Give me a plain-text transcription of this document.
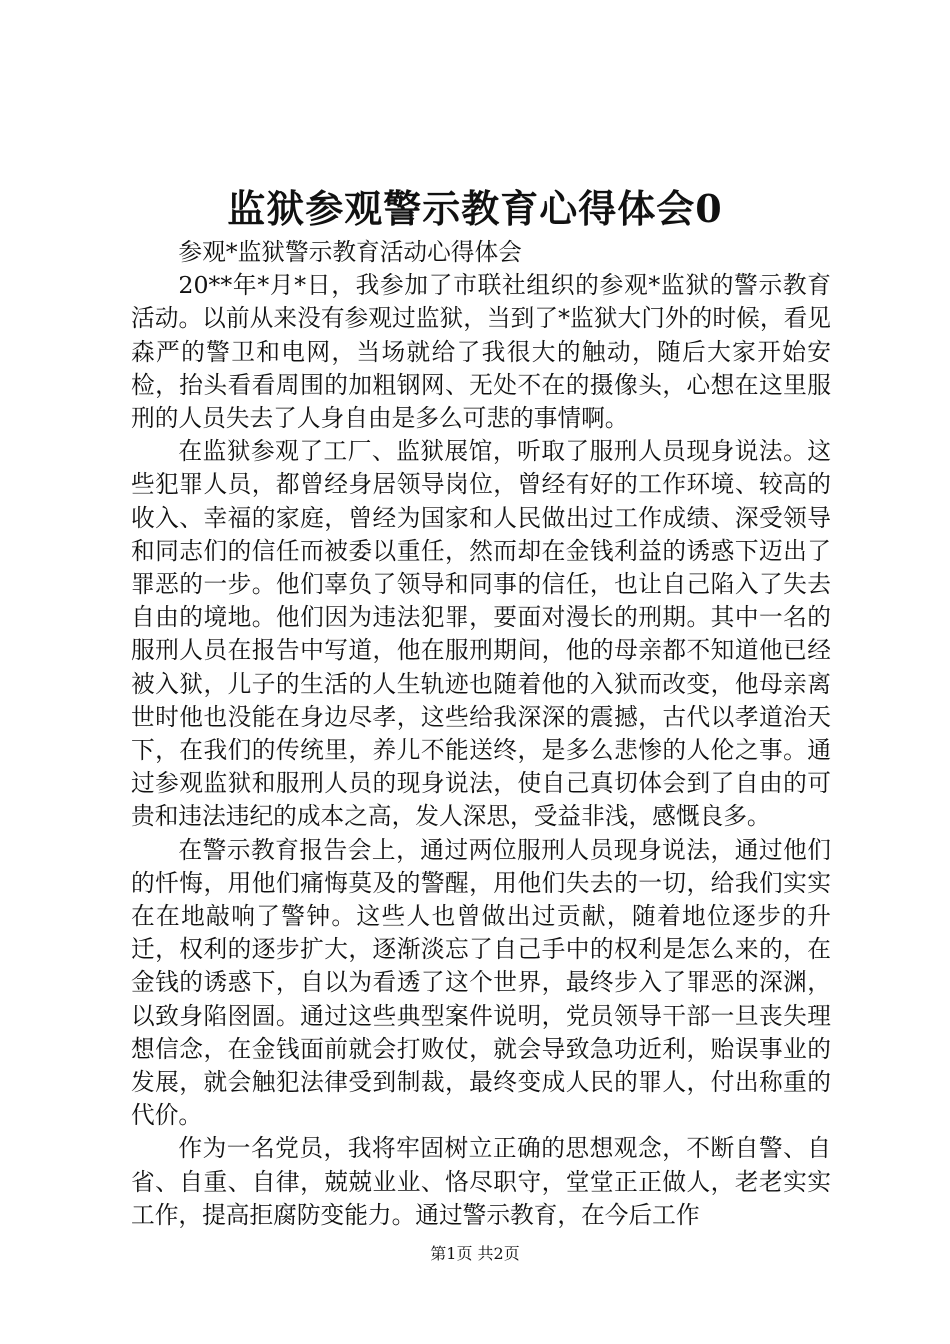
监狱参观警示教育心得体会0

参观*监狱警示教育活动心得体会

20**年*月*日，我参加了市联社组织的参观*监狱的警示教育活动。以前从来没有参观过监狱，当到了*监狱大门外的时候，看见森严的警卫和电网，当场就给了我很大的触动，随后大家开始安检，抬头看看周围的加粗钢网、无处不在的摄像头，心想在这里服刑的人员失去了人身自由是多么可悲的事情啊。

在监狱参观了工厂、监狱展馆，听取了服刑人员现身说法。这些犯罪人员，都曾经身居领导岗位，曾经有好的工作环境、较高的收入、幸福的家庭，曾经为国家和人民做出过工作成绩、深受领导和同志们的信任而被委以重任，然而却在金钱利益的诱惑下迈出了罪恶的一步。他们辜负了领导和同事的信任，也让自己陷入了失去自由的境地。他们因为违法犯罪，要面对漫长的刑期。其中一名的服刑人员在报告中写道，他在服刑期间，他的母亲都不知道他已经被入狱，儿子的生活的人生轨迹也随着他的入狱而改变，他母亲离世时他也没能在身边尽孝，这些给我深深的震撼，古代以孝道治天下，在我们的传统里，养儿不能送终，是多么悲惨的人伦之事。通过参观监狱和服刑人员的现身说法，使自己真切体会到了自由的可贵和违法违纪的成本之高，发人深思，受益非浅，感慨良多。

在警示教育报告会上，通过两位服刑人员现身说法，通过他们的忏悔，用他们痛悔莫及的警醒，用他们失去的一切，给我们实实在在地敲响了警钟。这些人也曾做出过贡献，随着地位逐步的升迁，权利的逐步扩大，逐渐淡忘了自己手中的权利是怎么来的，在金钱的诱惑下，自以为看透了这个世界，最终步入了罪恶的深渊，以致身陷囹圄。通过这些典型案件说明，党员领导干部一旦丧失理想信念，在金钱面前就会打败仗，就会导致急功近利，贻误事业的发展，就会触犯法律受到制裁，最终变成人民的罪人，付出称重的代价。

作为一名党员，我将牢固树立正确的思想观念，不断自警、自省、自重、自律，兢兢业业、恪尽职守，堂堂正正做人，老老实实工作，提高拒腐防变能力。通过警示教育，在今后工作

第1页 共2页
